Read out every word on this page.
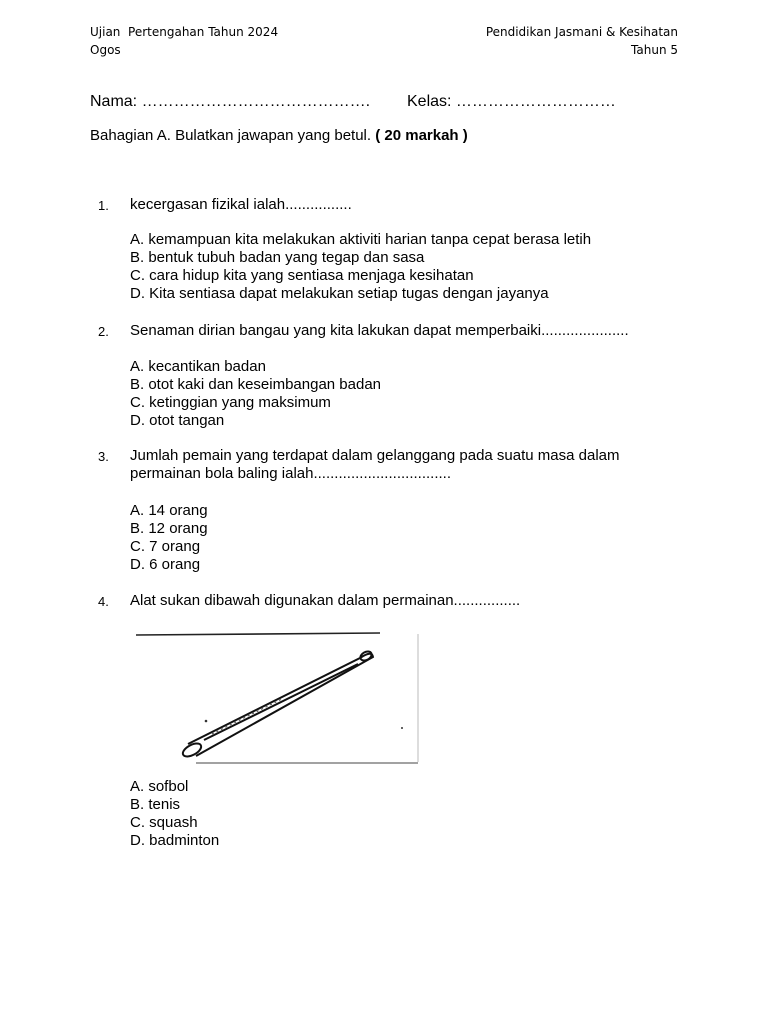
Ujian  Pertengahan Tahun 2024
Ogos
Pendidikan Jasmani & Kesihatan
Tahun 5
Nama: ……………………………………. Kelas: …………………………
Bahagian A. Bulatkan jawapan yang betul. ( 20 markah )
1. kecergasan fizikal ialah................
A. kemampuan kita melakukan aktiviti harian tanpa cepat berasa letih
B. bentuk tubuh badan yang tegap dan sasa
C. cara hidup kita yang sentiasa menjaga kesihatan
D. Kita sentiasa dapat melakukan setiap tugas dengan jayanya
2. Senaman dirian bangau yang kita lakukan dapat memperbaiki.....................
A. kecantikan badan
B. otot kaki dan keseimbangan badan
C. ketinggian yang maksimum
D. otot tangan
3. Jumlah pemain yang terdapat dalam gelanggang pada suatu masa dalam permainan bola baling ialah.................................
A. 14 orang
B. 12 orang
C. 7 orang
D. 6 orang
4. Alat sukan dibawah digunakan dalam permainan................
A. sofbol
B. tenis
C. squash
D. badminton
